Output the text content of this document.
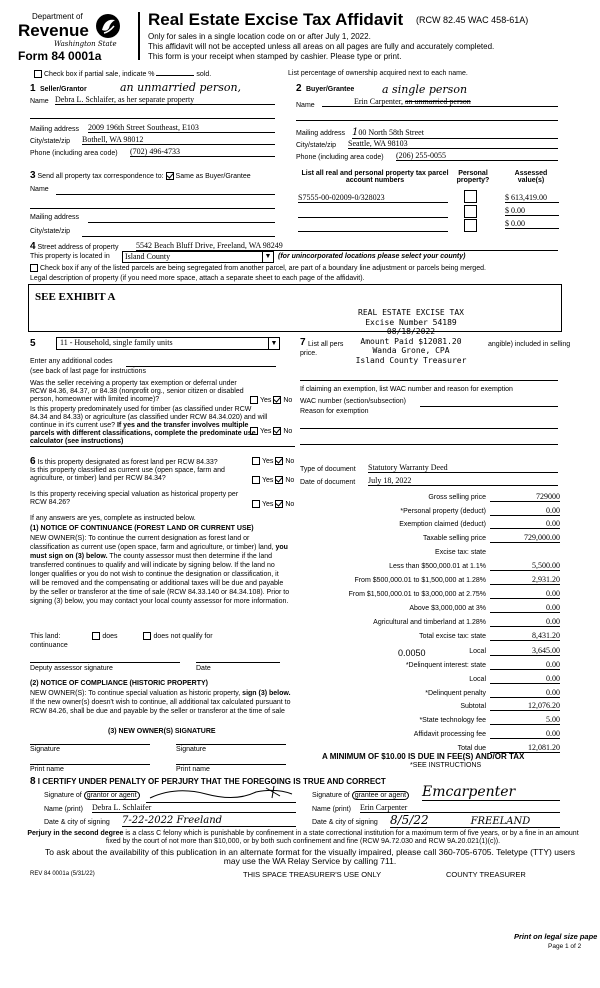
Department of
Revenue
Washington State
Form 84 0001a
Real Estate Excise Tax Affidavit (RCW 82.45 WAC 458-61A)
Only for sales in a single location code on or after July 1, 2022.
This affidavit will not be accepted unless all areas on all pages are fully and accurately completed.
This form is your receipt when stamped by cashier. Please type or print.
Check box if partial sale, indicate %	sold.	List percentage of ownership acquired next to each name.
1 Seller/Grantor	an unmarried person,
Name Debra L. Schlaifer, as her separate property
Mailing address 2009 196th Street Southeast, E103
City/state/zip Bothell, WA 98012
Phone (including area code) (702) 496-4733
2 Buyer/Grantee	a single person
Name	Erin Carpenter, an unmarried person
Mailing address 100 North 58th Street
City/state/zip Seattle, WA 98103
Phone (including area code) (206) 255-0055
3 Send all property tax correspondence to: Same as Buyer/Grantee
Name
Mailing address
City/state/zip
List all real and personal property tax parcel account numbers
Personal property?
Assessed value(s)
S7555-00-02009-0/328023	$ 613,419.00
$ 0.00
$ 0.00
4 Street address of property 5542 Beach Bluff Drive, Freeland, WA 98249
This property is located in	Island County	▼ (for unincorporated locations please select your county)
Check box if any of the listed parcels are being segregated from another parcel, are part of a boundary line adjustment or parcels being merged.
Legal description of property (if you need more space, attach a separate sheet to each page of the affidavit).
SEE EXHIBIT A
REAL ESTATE EXCISE TAX
Excise Number 54189
08/18/2022
Amount Paid $12081.20
Wanda Grone, CPA
Island County Treasurer
5	11 - Household, single family units	▼
Enter any additional codes
(see back of last page for instructions
Was the seller receiving a property tax exemption or deferral under RCW 84.36, 84.37, or 84.38 (nonprofit org., senior citizen or disabled person, homeowner with limited income)?	Yes No
Is this property predominately used for timber (as classified under RCW 84.34 and 84.33) or agriculture (as classified under RCW 84.34.020) and will continue in it's current use? If yes and the transfer involves multiple parcels with different classifications, complete the predominate use calculator (see instructions)
Yes No
7 List all pers
price.
angible) included in selling
If claiming an exemption, list WAC number and reason for exemption
WAC number (section/subsection)
Reason for exemption
Type of document Statutory Warranty Deed
Date of document July 18, 2022
Gross selling price	729000
*Personal property (deduct)	0.00
Exemption claimed (deduct)	0.00
Taxable selling price	729,000.00
Excise tax: state
Less than $500,000.01 at 1.1%	5,500.00
From $500,000.01 to $1,500,000 at 1.28%	2,931.20
From $1,500,000.01 to $3,000,000 at 2.75%	0.00
Above $3,000,000 at 3%	0.00
Agricultural and timberland at 1.28%	0.00
Total excise tax: state	8,431.20
Local	3,645.00
*Delinquent interest: state	0.00
Local	0.00
*Delinquent penalty	0.00
Subtotal	12,076.20
*State technology fee	5.00
Affidavit processing fee	0.00
Total due	12,081.20
0.0050
A MINIMUM OF $10.00 IS DUE IN FEE(S) AND/OR TAX
*SEE INSTRUCTIONS
6 Is this property designated as forest land per RCW 84.33?	Yes No
Is this property classified as current use (open space, farm and agriculture, or timber) land per RCW 84.34?	Yes No
Is this property receiving special valuation as historical property per RCW 84.26?	Yes No
If any answers are yes, complete as instructed below.
(1) NOTICE OF CONTINUANCE (FOREST LAND OR CURRENT USE)
NEW OWNER(S): To continue the current designation as forest land or classification as current use (open space, farm and agriculture, or timber) land, you must sign on (3) below. The county assessor must then determine if the land transferred continues to qualify and will indicate by signing below. If the land no longer qualifies or you do not wish to continue the designation or classification, it will be removed and the compensating or additional taxes will be due and payable by the seller or transferor at the time of sale (RCW 84.33.140 or 84.34.108). Prior to signing (3) below, you may contact your local county assessor for more information.
This land:	does	does not qualify for
continuance
Deputy assessor signature	Date
(2) NOTICE OF COMPLIANCE (HISTORIC PROPERTY)
NEW OWNER(S): To continue special valuation as historic property, sign (3) below. If the new owner(s) doesn't wish to continue, all additional tax calculated pursuant to RCW 84.26, shall be due and payable by the seller or transferor at the time of sale
(3) NEW OWNER(S) SIGNATURE
Signature	Signature
Print name	Print name
8 I CERTIFY UNDER PENALTY OF PERJURY THAT THE FOREGOING IS TRUE AND CORRECT
Signature of grantor or agent
Name (print) Debra L. Schlaifer
Date & city of signing 7-22-2022 Freeland
Signature of grantee or agent Emcarpenter
Name (print) Erin Carpenter
Date & city of signing 8/5/22	FREELAND
Perjury in the second degree is a class C felony which is punishable by confinement in a state correctional institution for a maximum term of five years, or by a fine in an amount fixed by the court of not more than $10,000, or by both such confinement and fine (RCW 9A.72.030 and RCW 9A.20.021(1)(c)).
To ask about the availability of this publication in an alternate format for the visually impaired, please call 360-705-6705. Teletype (TTY) users may use the WA Relay Service by calling 711.
REV 84 0001a (5/31/22)	THIS SPACE TREASURER'S USE ONLY	COUNTY TREASURER
Print on legal size pape
Page 1 of 2
